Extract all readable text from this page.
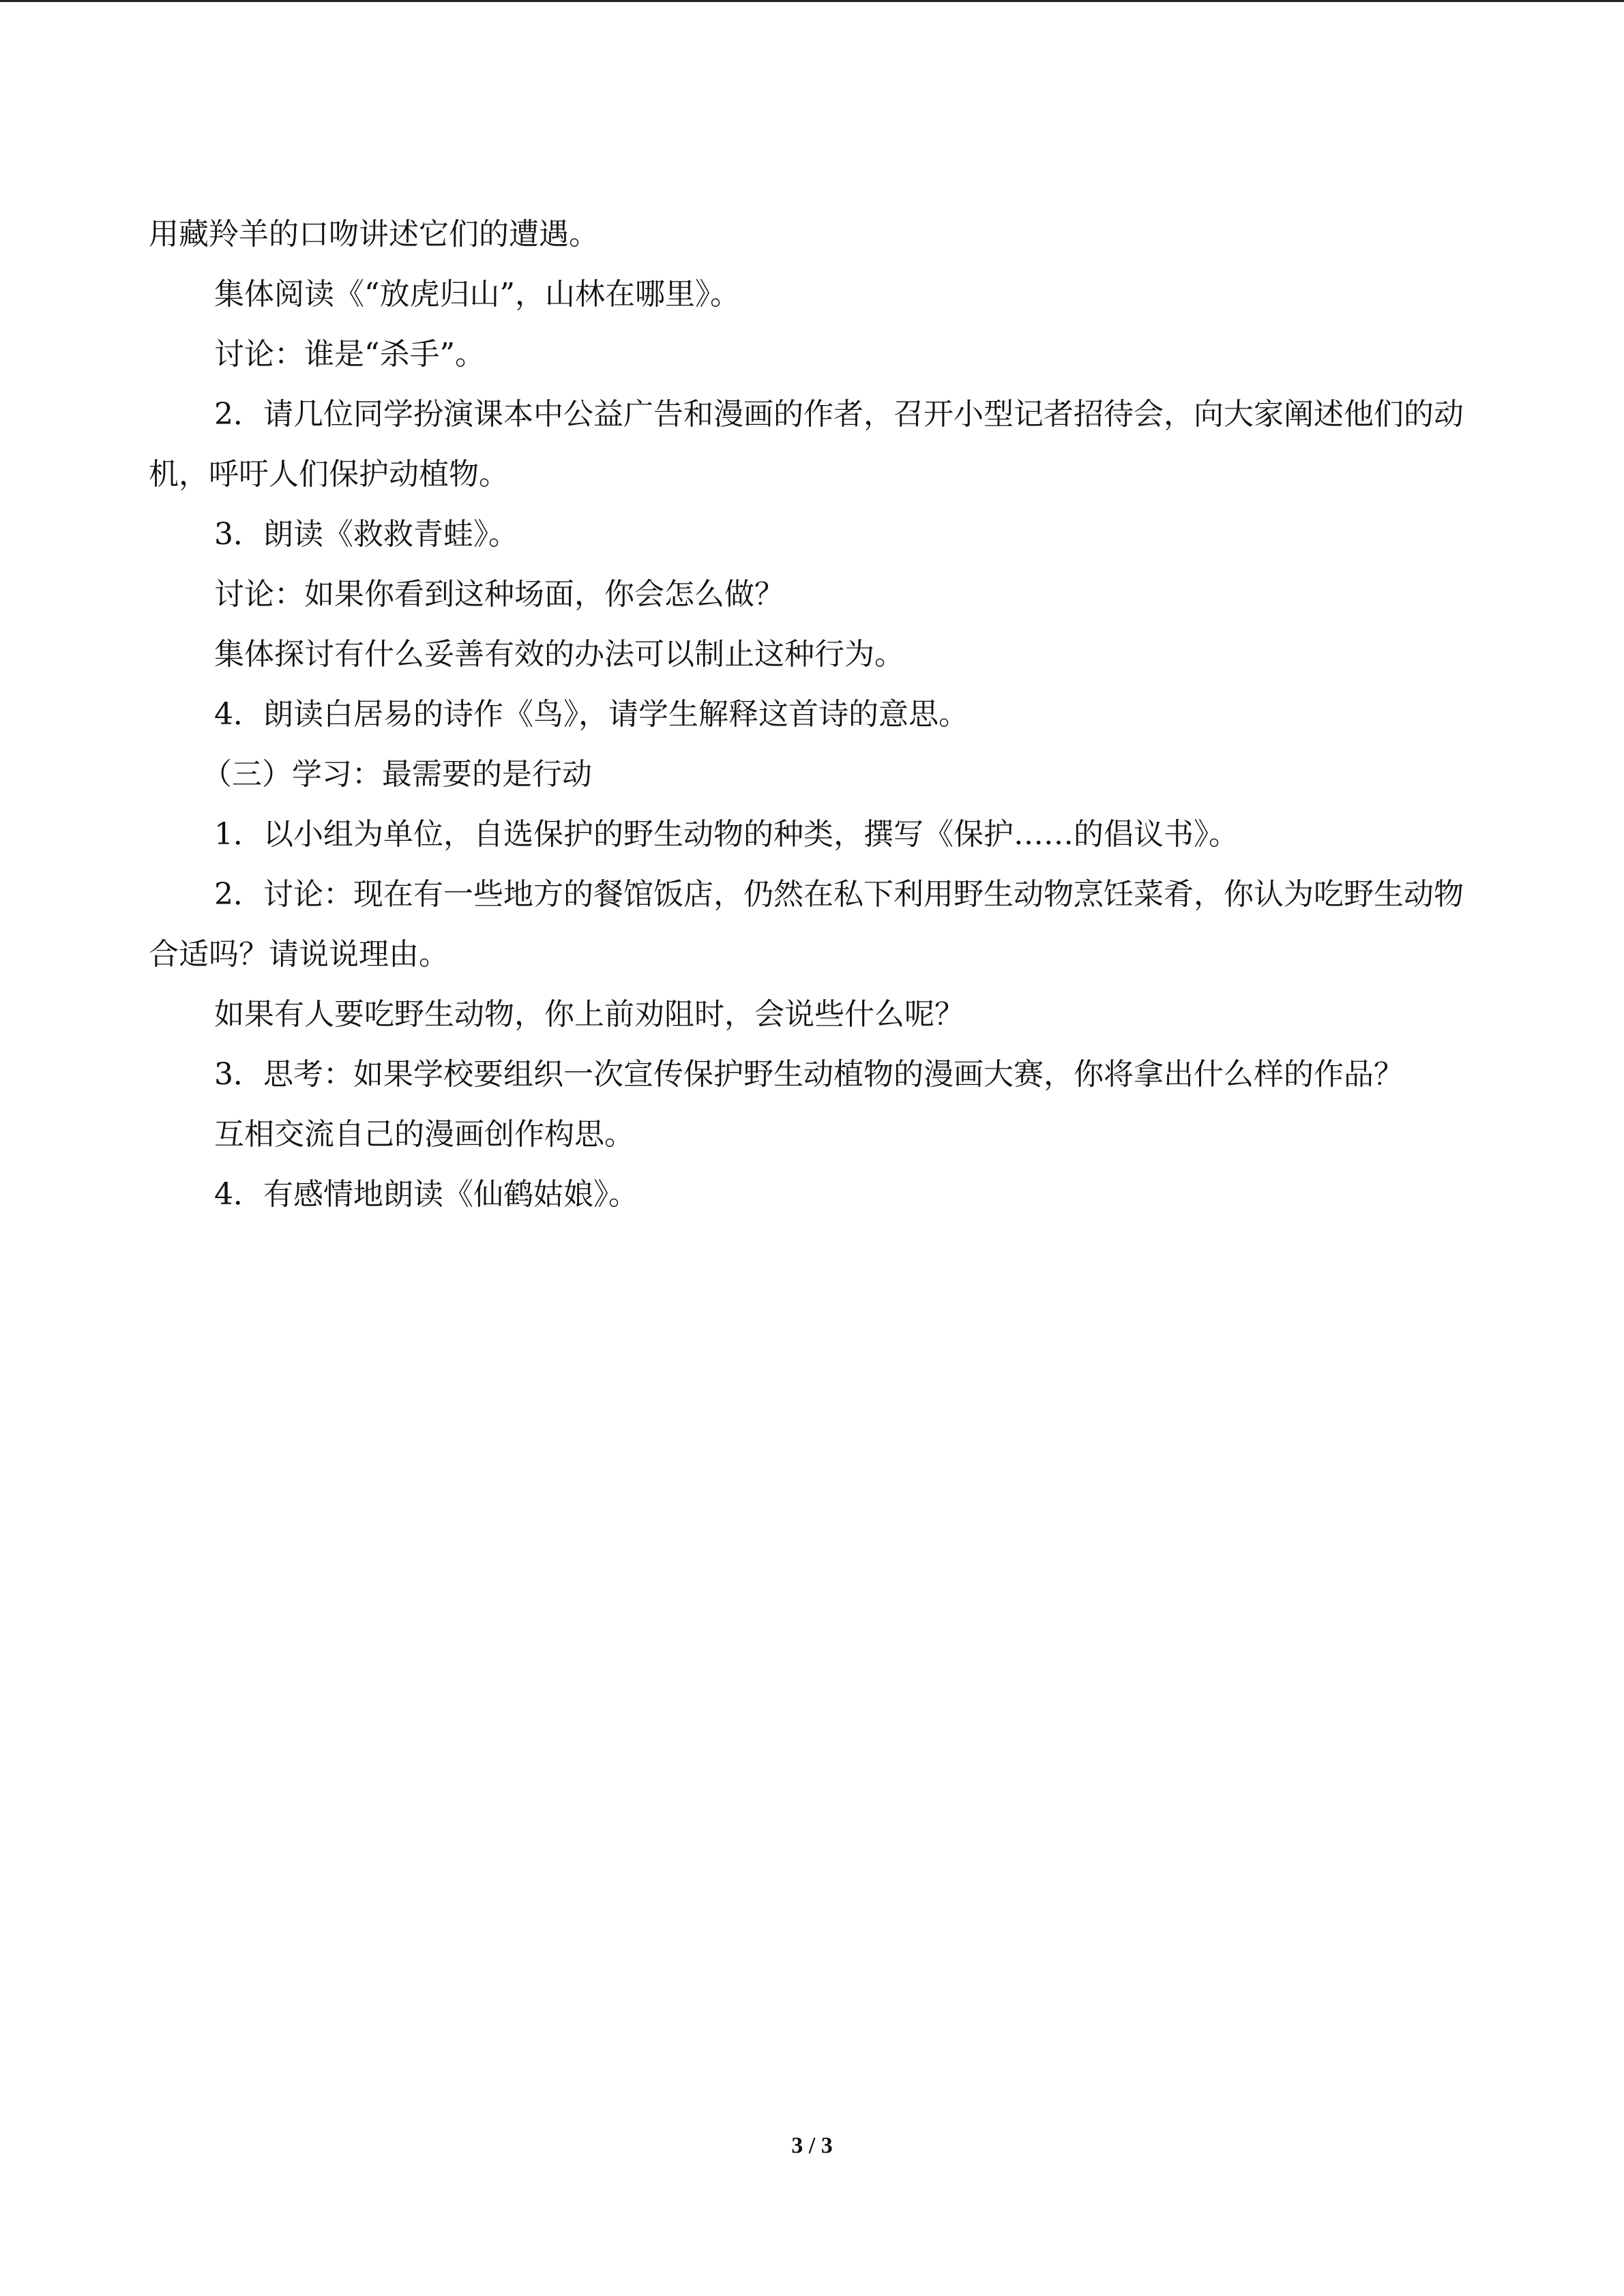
用藏羚羊的口吻讲述它们的遭遇。

集体阅读《“放虎归山”，山林在哪里》。

讨论：谁是“杀手”。

2．请几位同学扮演课本中公益广告和漫画的作者，召开小型记者招待会，向大家阐述他们的动机，呼吁人们保护动植物。

3．朗读《救救青蛙》。

讨论：如果你看到这种场面，你会怎么做？

集体探讨有什么妥善有效的办法可以制止这种行为。

4．朗读白居易的诗作《鸟》，请学生解释这首诗的意思。

（三）学习：最需要的是行动

1．以小组为单位，自选保护的野生动物的种类，撰写《保护……的倡议书》。

2．讨论：现在有一些地方的餐馆饭店，仍然在私下利用野生动物烹饪菜肴，你认为吃野生动物合适吗？请说说理由。

如果有人要吃野生动物，你上前劝阻时，会说些什么呢？

3．思考：如果学校要组织一次宣传保护野生动植物的漫画大赛，你将拿出什么样的作品？

互相交流自己的漫画创作构思。

4．有感情地朗读《仙鹤姑娘》。

3 / 3
